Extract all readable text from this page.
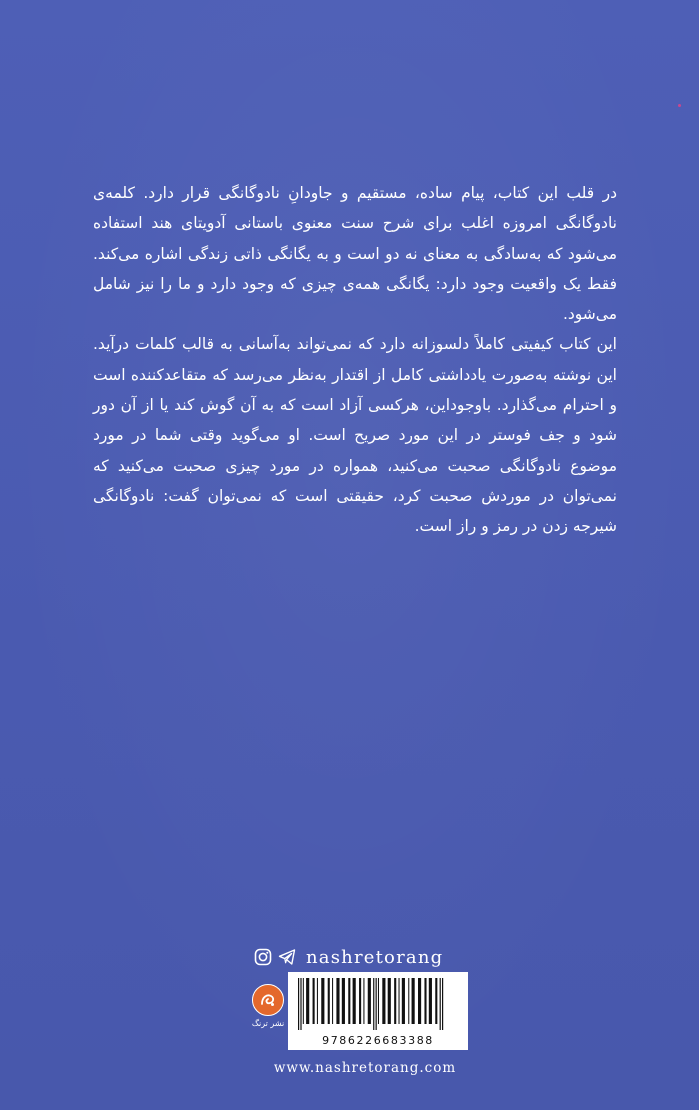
در قلب این کتاب، پیام ساده، مستقیم و جاودانِ نادوگانگی قرار دارد. کلمه‌ی نادوگانگی امروزه اغلب برای شرح سنت معنوی باستانی آدویتای هند استفاده می‌شود که به‌سادگی به معنای نه دو است و به یگانگی ذاتی زندگی اشاره می‌کند. فقط یک واقعیت وجود دارد: یگانگی همه‌ی چیزی که وجود دارد و ما را نیز شامل می‌شود.

این کتاب کیفیتی کاملاً دلسوزانه دارد که نمی‌تواند به‌آسانی به قالب کلمات درآید. این نوشته به‌صورت یادداشتی کامل از اقتدار به‌نظر می‌رسد که متقاعدکننده است و احترام می‌گذارد. باوجوداین، هرکسی آزاد است که به آن گوش کند یا از آن دور شود و جف فوستر در این مورد صریح است. او می‌گوید وقتی شما در مورد موضوع نادوگانگی صحبت می‌کنید، همواره در مورد چیزی صحبت می‌کنید که نمی‌توان در موردش صحبت کرد، حقیقتی است که نمی‌توان گفت: نادوگانگی شیرجه زدن در رمز و راز است.

nashretorang
نشر ترنگ
9786226683388
www.nashretorang.com
